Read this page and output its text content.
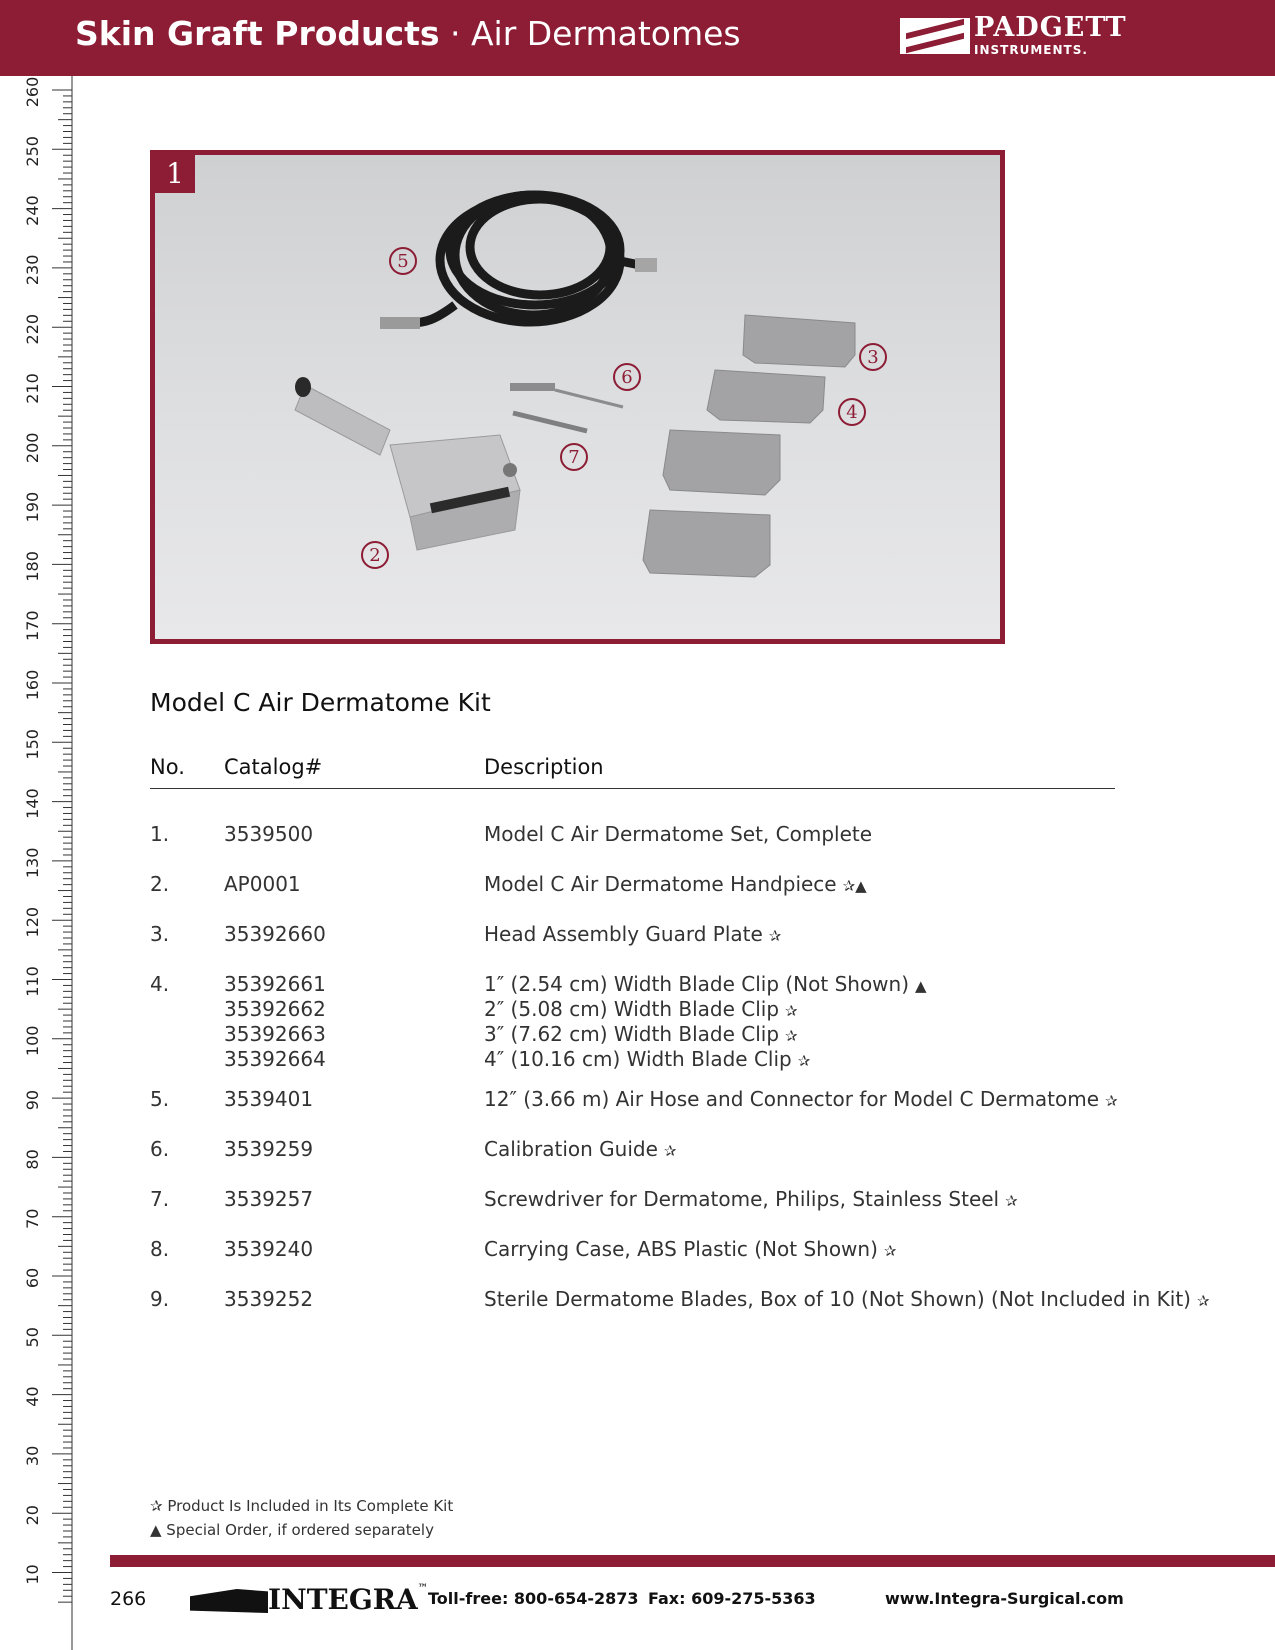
Skin Graft Products · Air Dermatomes	PADGETT
INSTRUMENTS.
260
250
240
230
220
210
200
190
180
170
160
150
140
130
120
110
100
90
80
70
60
50
40
30
20
10
5
3
4
6
7
2
1
Model C Air Dermatome Kit
No. Catalog#	Description
1.	3539500	Model C Air Dermatome Set, Complete
2.	AP0001	Model C Air Dermatome Handpiece ✰▲
3.	35392660	Head Assembly Guard Plate ✰
4.	35392661	1″ (2.54 cm) Width Blade Clip (Not Shown) ▲
35392662	2″ (5.08 cm) Width Blade Clip ✰
35392663	3″ (7.62 cm) Width Blade Clip ✰
35392664	4″ (10.16 cm) Width Blade Clip ✰
5.	3539401	12″ (3.66 m) Air Hose and Connector for Model C Dermatome ✰
6.	3539259	Calibration Guide ✰
7.	3539257	Screwdriver for Dermatome, Philips, Stainless Steel ✰
8.	3539240	Carrying Case, ABS Plastic (Not Shown) ✰
9.	3539252	Sterile Dermatome Blades, Box of 10 (Not Shown) (Not Included in Kit) ✰
✰ Product Is Included in Its Complete Kit
▲ Special Order, if ordered separately
266	INTEGRA™
Toll-free: 800-654-2873 Fax: 609-275-5363	www.Integra-Surgical.com
